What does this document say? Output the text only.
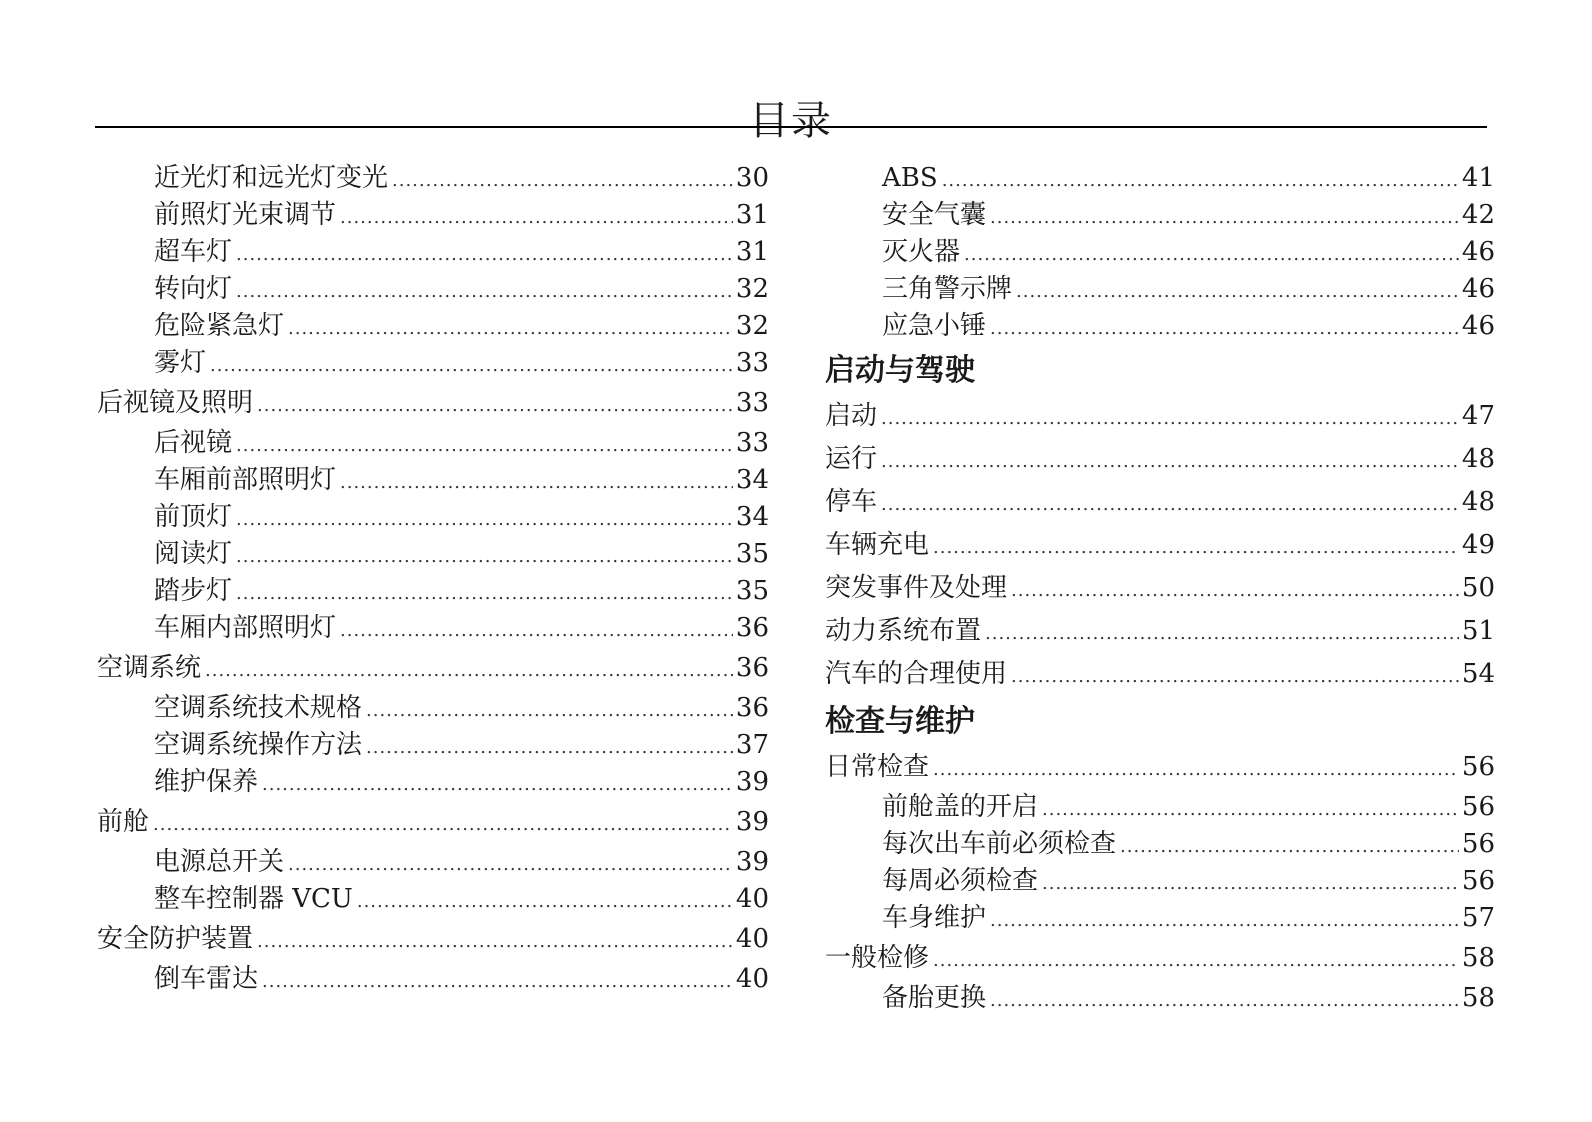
目录
近光灯和远光灯变光 .....	30
前照灯光束调节 .....	31
超车灯 .....	31
转向灯 .....	32
危险紧急灯 .....	32
雾灯 .....	33
后视镜及照明 .....	33
后视镜 .....	33
车厢前部照明灯 .....	34
前顶灯 .....	34
阅读灯 .....	35
踏步灯 .....	35
车厢内部照明灯 .....	36
空调系统 .....	36
空调系统技术规格 .....	36
空调系统操作方法 .....	37
维护保养 .....	39
前舱 .....	39
电源总开关 .....	39
整车控制器 VCU .....	40
安全防护装置 .....	40
倒车雷达 .....	40
ABS .....	41
安全气囊 .....	42
灭火器 .....	46
三角警示牌 .....	46
应急小锤 .....	46
启动与驾驶
启动 .....	47
运行 .....	48
停车 .....	48
车辆充电 .....	49
突发事件及处理 .....	50
动力系统布置 .....	51
汽车的合理使用 .....	54
检查与维护
日常检查 .....	56
前舱盖的开启 .....	56
每次出车前必须检查 .....	56
每周必须检查 .....	56
车身维护 .....	57
一般检修 .....	58
备胎更换 .....	58
